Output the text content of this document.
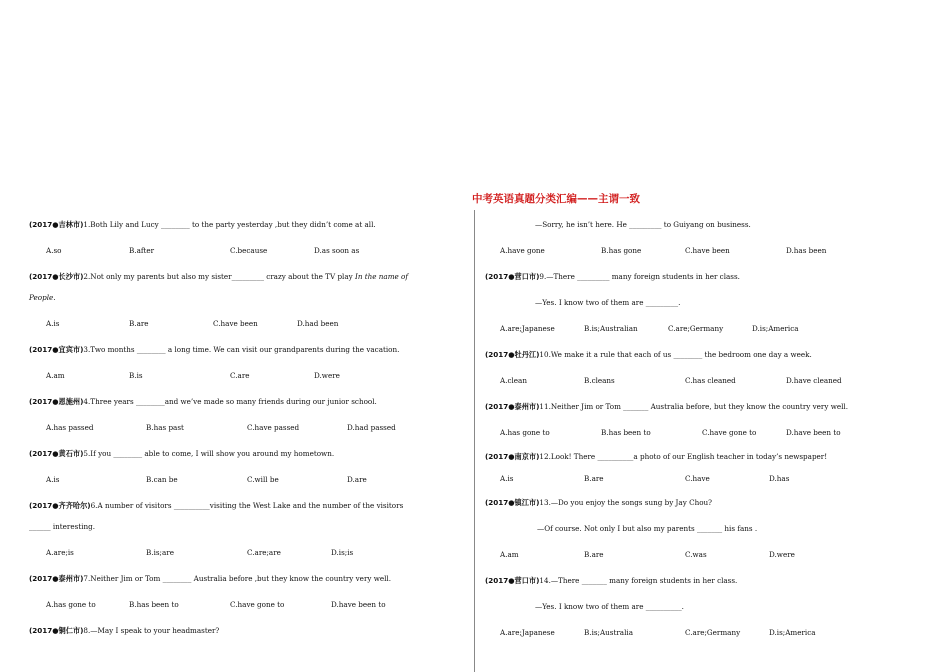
中考英语真题分类汇编——主谓一致
(2017●吉林市)1.Both Lily and Lucy ________ to the party yesterday ,but they didn’t come at all.
A.so	B.after	C.because	D.as soon as
(2017●长沙市)2.Not only my parents but also my sister_________ crazy about the TV play In the name of
People.
A.is	B.are	C.have been	D.had been
(2017●宜宾市)3.Two months ________ a long time. We can visit our grandparents during the vacation.
A.am	B.is	C.are	D.were
(2017●恩施州)4.Three years ________and we’ve made so many friends during our junior school.
A.has passed	B.has past	C.have passed	D.had passed
(2017●黄石市)5.If you ________ able to come, I will show you around my hometown.
A.is	B.can be	C.will be	D.are
(2017●齐齐哈尔)6.A number of visitors __________visiting the West Lake and the number of the visitors
______ interesting.
A.are;is	B.is;are	C.are;are	D.is;is
(2017●泰州市)7.Neither Jim or Tom ________ Australia before ,but they know the country very well.
A.has gone to	B.has been to	C.have gone to	D.have been to
(2017●铜仁市)8.—May I speak to your headmaster?
—Sorry, he isn’t here. He _________ to Guiyang on business.
A.have gone	B.has gone	C.have been	D.has been
(2017●营口市)9.—There _________ many foreign students in her class.
—Yes. I know two of them are _________.
A.are;Japanese	B.is;Australian	C.are;Germany	D.is;America
(2017●牡丹江)10.We make it a rule that each of us ________ the bedroom one day a week.
A.clean	B.cleans	C.has cleaned	D.have cleaned
(2017●泰州市)11.Neither Jim or Tom _______ Australia before, but they know the country very well.
A.has gone to	B.has been to	C.have gone to	D.have been to
(2017●南京市)12.Look! There __________a photo of our English teacher in today’s newspaper!
A.is	B.are	C.have	D.has
(2017●镇江市)13.—Do you enjoy the songs sung by Jay Chou?
—Of course. Not only I but also my parents _______ his fans .
A.am	B.are	C.was	D.were
(2017●营口市)14.—There _______ many foreign students in her class.
—Yes. I know two of them are __________.
A.are;Japanese	B.is;Australia	C.are;Germany	D.is;America
